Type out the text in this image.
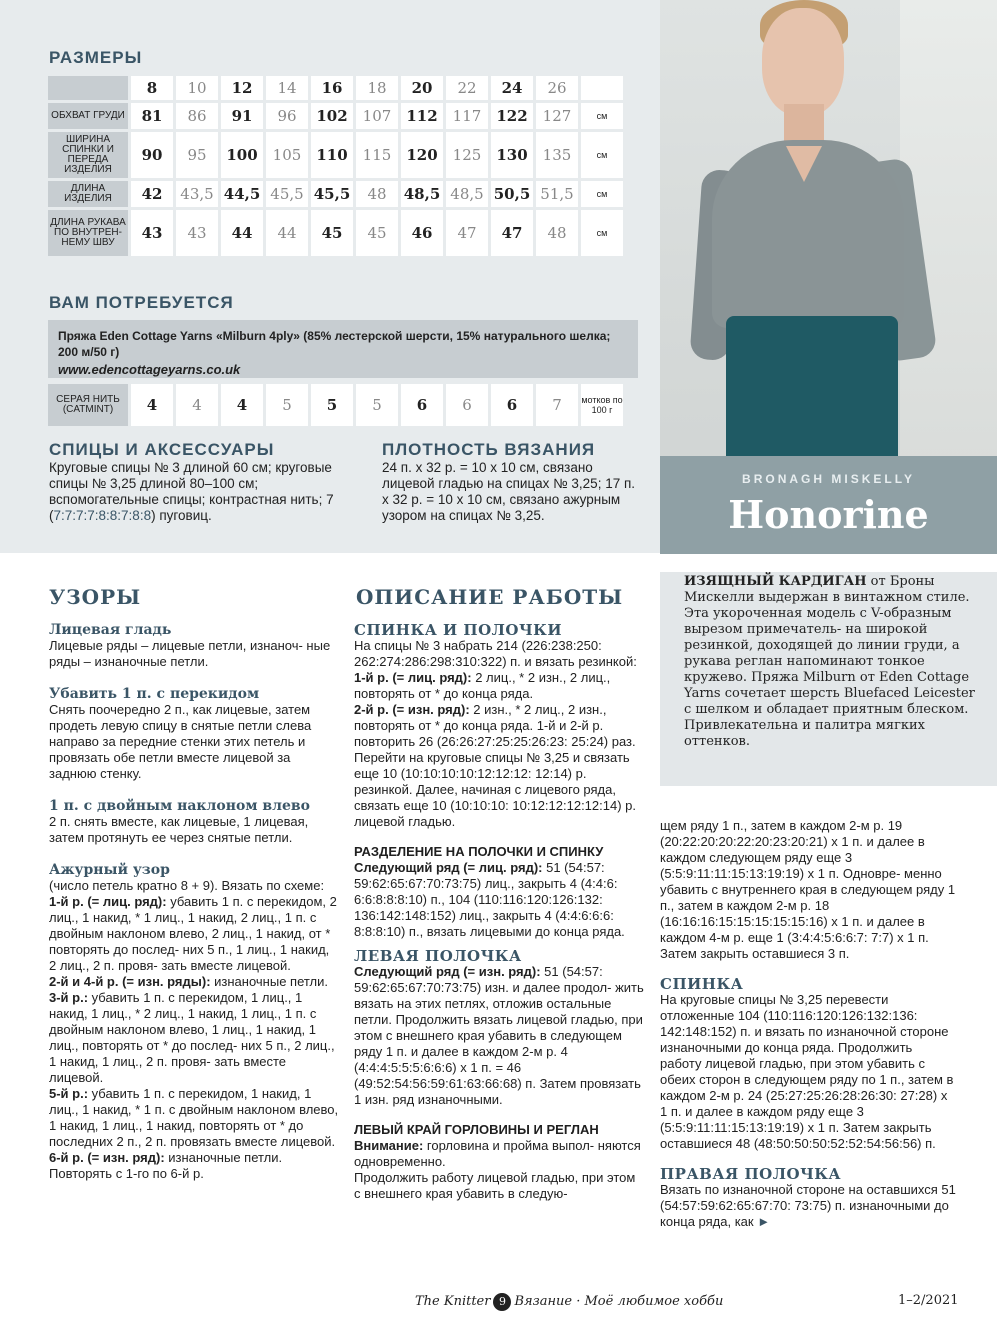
BRONAGH MISKELLY
Honorine
РАЗМЕРЫ
	8	10	12	14	16	18	20	22	24	26	
ОБХВАТ ГРУДИ	81	86	91	96	102	107	112	117	122	127	см
ШИРИНА СПИНКИ И ПЕРЕДА ИЗДЕЛИЯ	90	95	100	105	110	115	120	125	130	135	см
ДЛИНА ИЗДЕЛИЯ	42	43,5	44,5	45,5	45,5	48	48,5	48,5	50,5	51,5	см
ДЛИНА РУКАВА ПО ВНУТРЕН- НЕМУ ШВУ	43	43	44	44	45	45	46	47	47	48	см
ВАМ ПОТРЕБУЕТСЯ
Пряжа Eden Cottage Yarns «Milburn 4ply» (85% лестерской шерсти, 15% натурального шелка; 200 м/50 г)
www.edencottageyarns.co.uk
СЕРАЯ НИТЬ (CATMINT)	4	4	4	5	5	5	6	6	6	7	мотков по 100 г
СПИЦЫ И АКСЕССУАРЫ
Круговые спицы № 3 длиной 60 см; круговые спицы № 3,25 длиной 80–100 см; вспомогательные спицы; контрастная нить; 7 (7:7:7:7:8:8:7:8:8) пуговиц.
ПЛОТНОСТЬ ВЯЗАНИЯ
24 п. х 32 р. = 10 х 10 см, связано лицевой гладью на спицах № 3,25; 17 п. х 32 р. = 10 х 10 см, связано ажурным узором на спицах № 3,25.
ИЗЯЩНЫЙ КАРДИГАН от Броны Мискелли выдержан в винтажном стиле. Эта укороченная модель с V-образным вырезом примечатель- на широкой резинкой, доходящей до линии груди, а рукава реглан напоминают тонкое кружево. Пряжа Milburn от Eden Cottage Yarns сочетает шерсть Bluefaced Leicester с шелком и обладает приятным блеском. Привлекательна и палитра мягких оттенков.
УЗОРЫ

Лицевая гладь

Лицевые ряды – лицевые петли, изнаноч- ные ряды – изнаночные петли.

Убавить 1 п. с перекидом

Снять поочередно 2 п., как лицевые, затем продеть левую спицу в снятые петли слева направо за передние стенки этих петель и провязать обе петли вместе лицевой за заднюю стенку.

1 п. с двойным наклоном влево

2 п. снять вместе, как лицевые, 1 лицевая, затем протянуть ее через снятые петли.

Ажурный узор

(число петель кратно 8 + 9). Вязать по схеме:

1-й р. (= лиц. ряд): убавить 1 п. с перекидом, 2 лиц., 1 накид, * 1 лиц., 1 накид, 2 лиц., 1 п. с двойным наклоном влево, 2 лиц., 1 накид, от * повторять до послед- них 5 п., 1 лиц., 1 накид, 2 лиц., 2 п. провя- зать вместе лицевой.

2-й и 4-й р. (= изн. ряды): изнаночные петли.

3-й р.: убавить 1 п. с перекидом, 1 лиц., 1 накид, 1 лиц., * 2 лиц., 1 накид, 1 лиц., 1 п. с двойным наклоном влево, 1 лиц., 1 накид, 1 лиц., повторять от * до послед- них 5 п., 2 лиц., 1 накид, 1 лиц., 2 п. провя- зать вместе лицевой.

5-й р.: убавить 1 п. с перекидом, 1 накид, 1 лиц., 1 накид, * 1 п. с двойным наклоном влево, 1 накид, 1 лиц., 1 накид, повторять от * до последних 2 п., 2 п. провязать вместе лицевой.

6-й р. (= изн. ряд): изнаночные петли. Повторять с 1-го по 6-й р.

ОПИСАНИЕ РАБОТЫ

СПИНКА И ПОЛОЧКИ

На спицы № 3 набрать 214 (226:238:250: 262:274:286:298:310:322) п. и вязать резинкой:

1-й р. (= лиц. ряд): 2 лиц., * 2 изн., 2 лиц., повторять от * до конца ряда.

2-й р. (= изн. ряд): 2 изн., * 2 лиц., 2 изн., повторять от * до конца ряда. 1-й и 2-й р. повторить 26 (26:26:27:25:25:26:23: 25:24) раз.

Перейти на круговые спицы № 3,25 и связать еще 10 (10:10:10:10:12:12:12: 12:14) р. резинкой. Далее, начиная с лицевого ряда, связать еще 10 (10:10:10: 10:12:12:12:12:14) р. лицевой гладью.

РАЗДЕЛЕНИЕ НА ПОЛОЧКИ И СПИНКУ

Следующий ряд (= лиц. ряд): 51 (54:57: 59:62:65:67:70:73:75) лиц., закрыть 4 (4:4:6: 6:6:8:8:8:10) п., 104 (110:116:120:126:132: 136:142:148:152) лиц., закрыть 4 (4:4:6:6:6: 8:8:8:10) п., вязать лицевыми до конца ряда.

ЛЕВАЯ ПОЛОЧКА

Следующий ряд (= изн. ряд): 51 (54:57: 59:62:65:67:70:73:75) изн. и далее продол- жить вязать на этих петлях, отложив остальные петли. Продолжить вязать лицевой гладью, при этом с внешнего края убавить в следующем ряду 1 п. и далее в каждом 2-м р. 4 (4:4:4:5:5:5:6:6:6) х 1 п. = 46 (49:52:54:56:59:61:63:66:68) п. Затем провязать 1 изн. ряд изнаночными.

ЛЕВЫЙ КРАЙ ГОРЛОВИНЫ И РЕГЛАН

Внимание: горловина и пройма выпол- няются одновременно.

Продолжить работу лицевой гладью, при этом с внешнего края убавить в следую-

щем ряду 1 п., затем в каждом 2-м р. 19 (20:22:20:20:22:20:23:20:21) х 1 п. и далее в каждом следующем ряду еще 3 (5:5:9:11:11:15:13:19:19) х 1 п. Одновре- менно убавить с внутреннего края в следующем ряду 1 п., затем в каждом 2-м р. 18 (16:16:16:15:15:15:15:15:16) х 1 п. и далее в каждом 4-м р. еще 1 (3:4:4:5:6:6:7: 7:7) х 1 п. Затем закрыть оставшиеся 3 п.

СПИНКА

На круговые спицы № 3,25 перевести отложенные 104 (110:116:120:126:132:136: 142:148:152) п. и вязать по изнаночной стороне изнаночными до конца ряда. Продолжить работу лицевой гладью, при этом убавить с обеих сторон в следующем ряду по 1 п., затем в каждом 2-м р. 24 (25:27:25:26:28:26:30: 27:28) х 1 п. и далее в каждом ряду еще 3 (5:5:9:11:11:15:13:19:19) х 1 п. Затем закрыть оставшиеся 48 (48:50:50:50:52:52:54:56:56) п.

ПРАВАЯ ПОЛОЧКА

Вязать по изнаночной стороне на оставшихся 51 (54:57:59:62:65:67:70: 73:75) п. изнаночными до конца ряда, как ►

The Knitter 9 Вязание · Моё любимое хобби	1–2/2021
